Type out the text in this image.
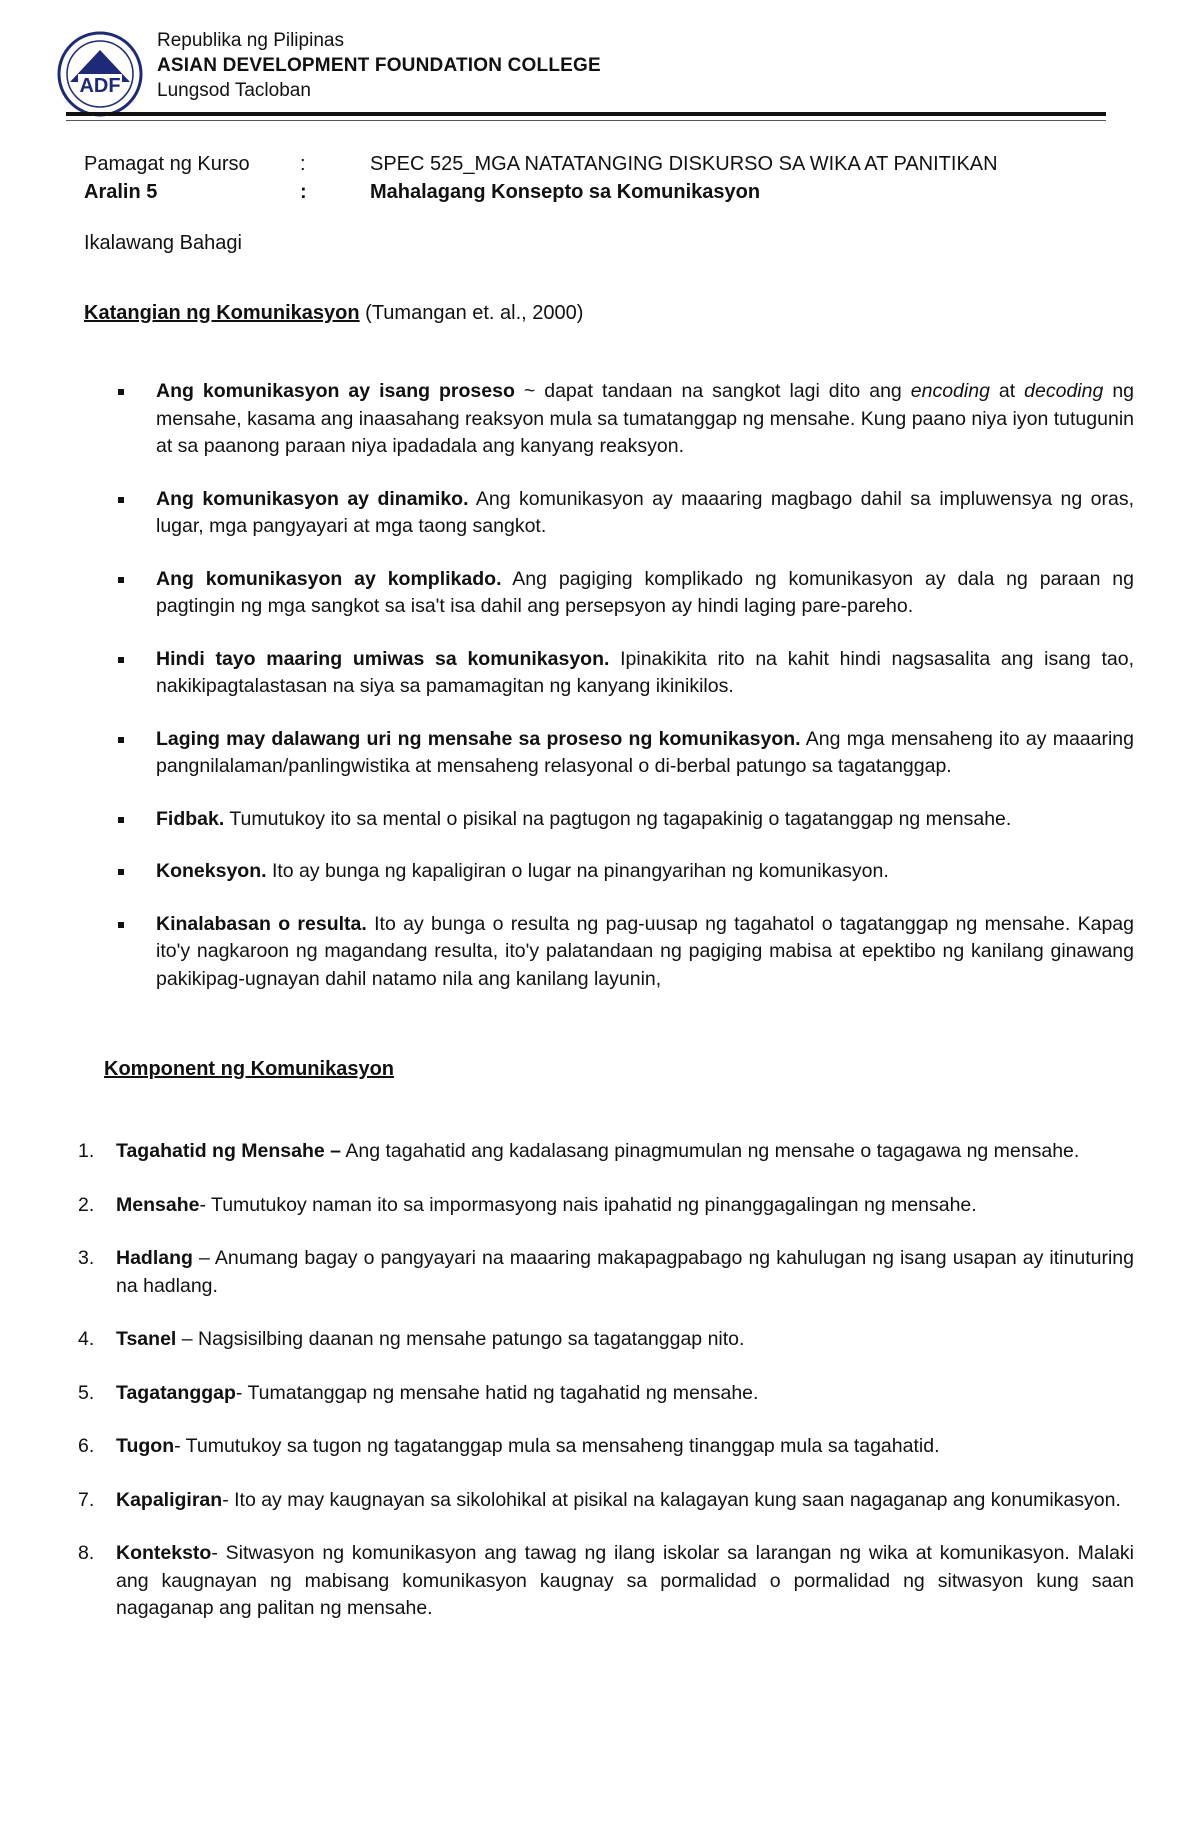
ADF
Republika ng Pilipinas
ASIAN DEVELOPMENT FOUNDATION COLLEGE
Lungsod Tacloban
Pamagat ng Kurso	:	SPEC 525_MGA NATATANGING DISKURSO SA WIKA AT PANITIKAN
Aralin 5	:	Mahalagang Konsepto sa Komunikasyon
Ikalawang Bahagi
Katangian ng Komunikasyon (Tumangan et. al., 2000)
Ang komunikasyon ay isang proseso ~ dapat tandaan na sangkot lagi dito ang encoding at decoding ng mensahe, kasama ang inaasahang reaksyon mula sa tumatanggap ng mensahe. Kung paano niya iyon tutugunin at sa paanong paraan niya ipadadala ang kanyang reaksyon.
Ang komunikasyon ay dinamiko. Ang komunikasyon ay maaaring magbago dahil sa impluwensya ng oras, lugar, mga pangyayari at mga taong sangkot.
Ang komunikasyon ay komplikado. Ang pagiging komplikado ng komunikasyon ay dala ng paraan ng pagtingin ng mga sangkot sa isa't isa dahil ang persepsyon ay hindi laging pare-pareho.
Hindi tayo maaring umiwas sa komunikasyon. Ipinakikita rito na kahit hindi nagsasalita ang isang tao, nakikipagtalastasan na siya sa pamamagitan ng kanyang ikinikilos.
Laging may dalawang uri ng mensahe sa proseso ng komunikasyon. Ang mga mensaheng ito ay maaaring pangnilalaman/panlingwistika at mensaheng relasyonal o di-berbal patungo sa tagatanggap.
Fidbak. Tumutukoy ito sa mental o pisikal na pagtugon ng tagapakinig o tagatanggap ng mensahe.
Koneksyon. Ito ay bunga ng kapaligiran o lugar na pinangyarihan ng komunikasyon.
Kinalabasan o resulta. Ito ay bunga o resulta ng pag-uusap ng tagahatol o tagatanggap ng mensahe. Kapag ito'y nagkaroon ng magandang resulta, ito'y palatandaan ng pagiging mabisa at epektibo ng kanilang ginawang pakikipag-ugnayan dahil natamo nila ang kanilang layunin,
Komponent ng Komunikasyon
1. Tagahatid ng Mensahe – Ang tagahatid ang kadalasang pinagmumulan ng mensahe o tagagawa ng mensahe.
2. Mensahe- Tumutukoy naman ito sa impormasyong nais ipahatid ng pinanggagalingan ng mensahe.
3. Hadlang – Anumang bagay o pangyayari na maaaring makapagpabago ng kahulugan ng isang usapan ay itinuturing na hadlang.
4. Tsanel – Nagsisilbing daanan ng mensahe patungo sa tagatanggap nito.
5. Tagatanggap- Tumatanggap ng mensahe hatid ng tagahatid ng mensahe.
6. Tugon- Tumutukoy sa tugon ng tagatanggap mula sa mensaheng tinanggap mula sa tagahatid.
7. Kapaligiran- Ito ay may kaugnayan sa sikolohikal at pisikal na kalagayan kung saan nagaganap ang konumikasyon.
8. Konteksto- Sitwasyon ng komunikasyon ang tawag ng ilang iskolar sa larangan ng wika at komunikasyon. Malaki ang kaugnayan ng mabisang komunikasyon kaugnay sa pormalidad o pormalidad ng sitwasyon kung saan nagaganap ang palitan ng mensahe.
